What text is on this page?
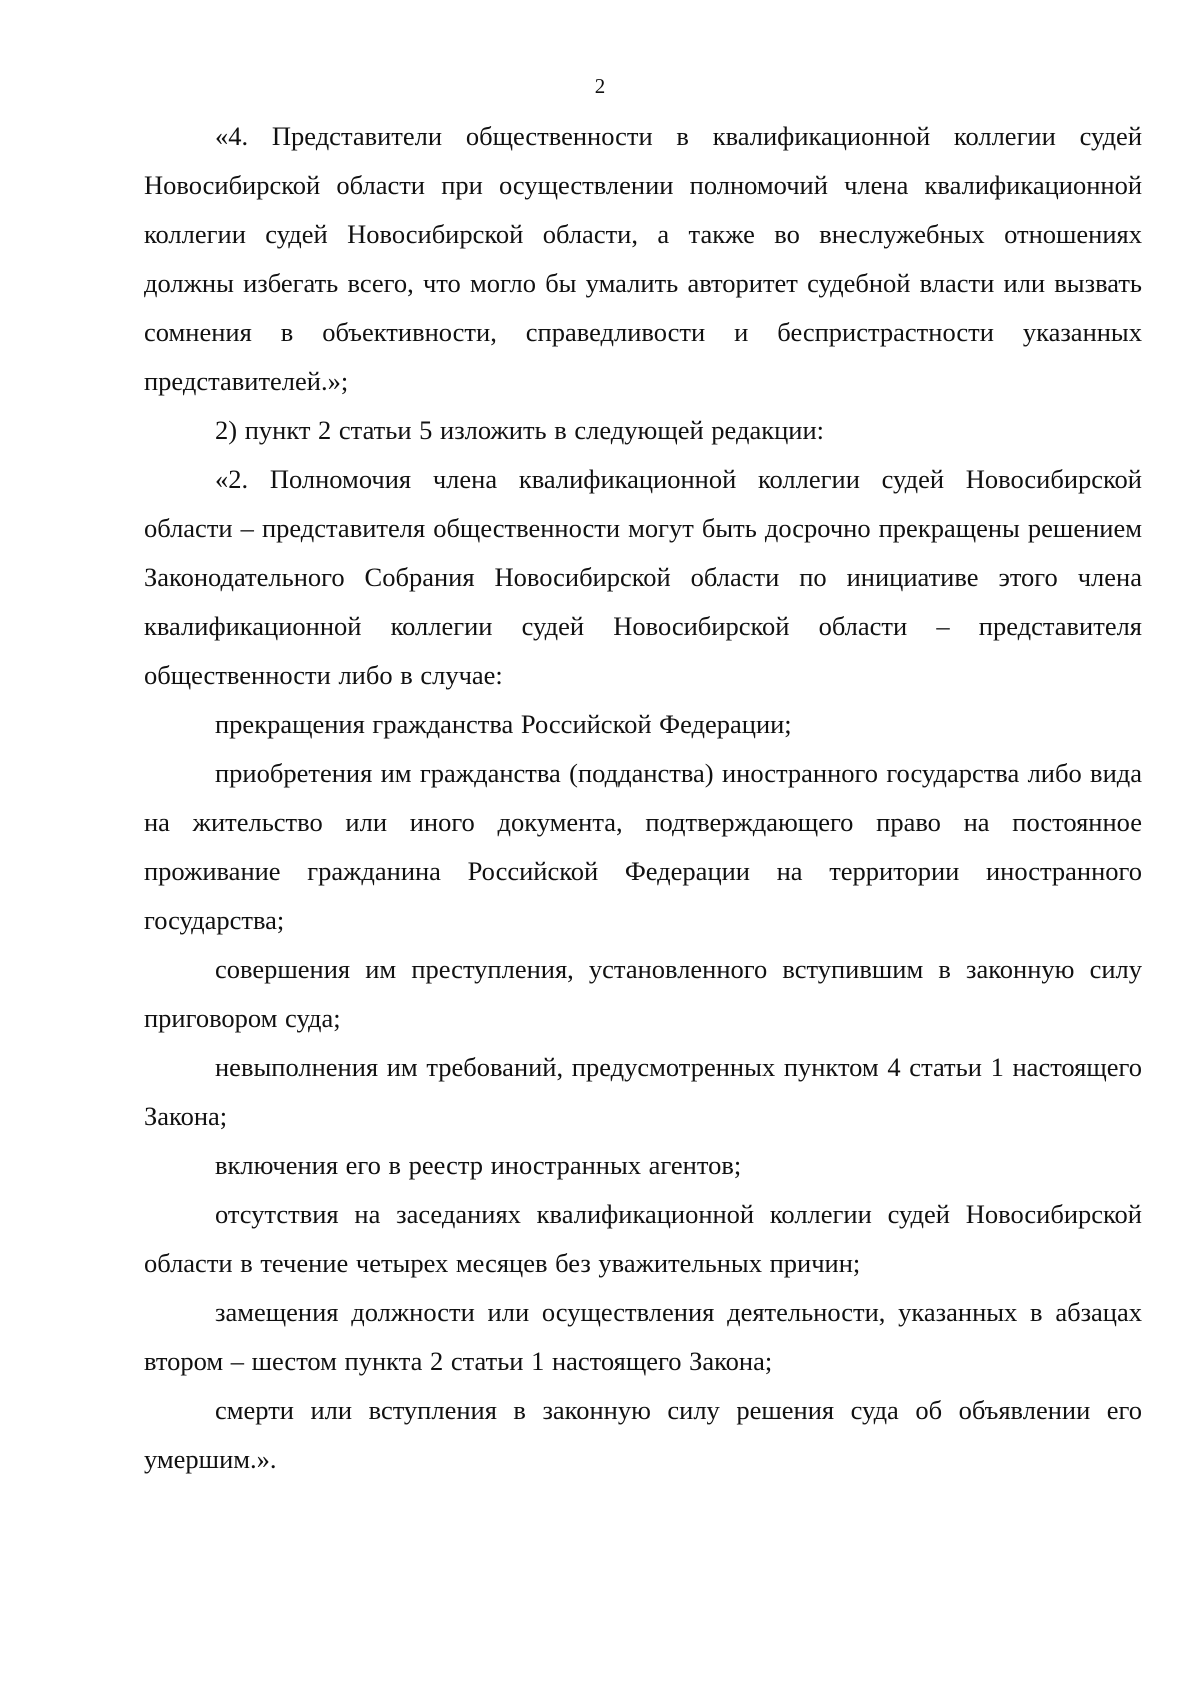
2

«4. Представители общественности в квалификационной коллегии судей Новосибирской области при осуществлении полномочий члена квалификационной коллегии судей Новосибирской области, а также во внеслужебных отношениях должны избегать всего, что могло бы умалить авторитет судебной власти или вызвать сомнения в объективности, справедливости и беспристрастности указанных представителей.»;

2) пункт 2 статьи 5 изложить в следующей редакции:

«2. Полномочия члена квалификационной коллегии судей Новосибирской области – представителя общественности могут быть досрочно прекращены решением Законодательного Собрания Новосибирской области по инициативе этого члена квалификационной коллегии судей Новосибирской области – представителя общественности либо в случае:

прекращения гражданства Российской Федерации;

приобретения им гражданства (подданства) иностранного государства либо вида на жительство или иного документа, подтверждающего право на постоянное проживание гражданина Российской Федерации на территории иностранного государства;

совершения им преступления, установленного вступившим в законную силу приговором суда;

невыполнения им требований, предусмотренных пунктом 4 статьи 1 настоящего Закона;

включения его в реестр иностранных агентов;

отсутствия на заседаниях квалификационной коллегии судей Новосибирской области в течение четырех месяцев без уважительных причин;

замещения должности или осуществления деятельности, указанных в абзацах втором – шестом пункта 2 статьи 1 настоящего Закона;

смерти или вступления в законную силу решения суда об объявлении его умершим.».
